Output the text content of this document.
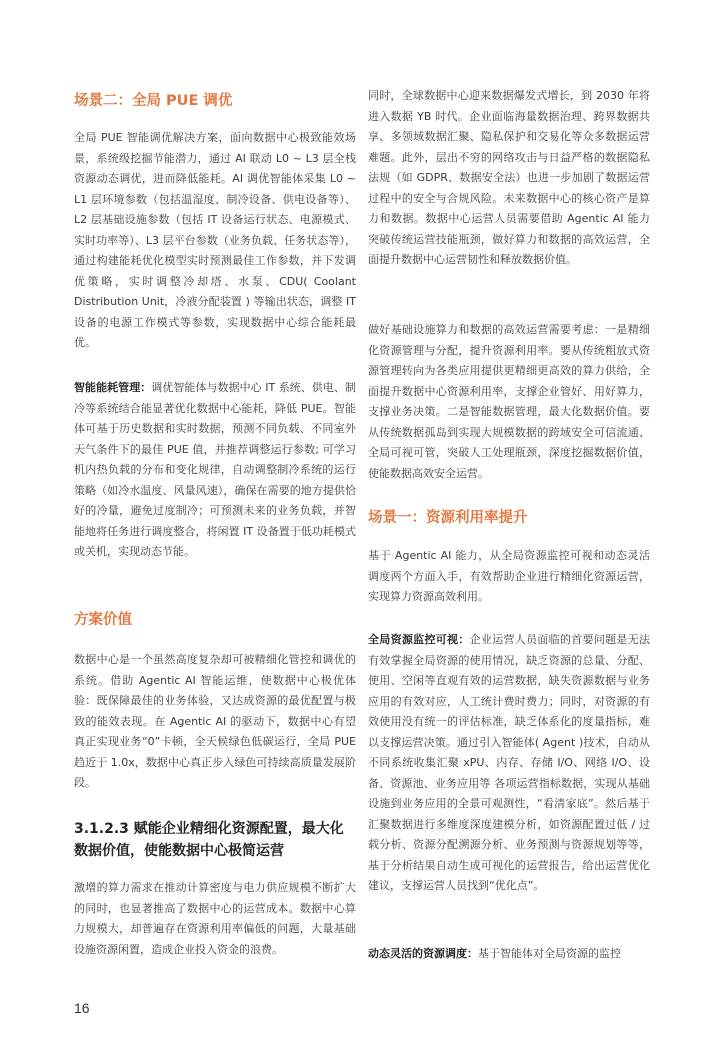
场景二：全局 PUE 调优

全局 PUE 智能调优解决方案，面向数据中心极致能效场景，系统级挖掘节能潜力，通过 AI 联动 L0 ~ L3 层全栈资源动态调优，进而降低能耗。AI 调优智能体采集 L0 ~ L1 层环境参数（包括温湿度、制冷设备、供电设备等）、L2 层基础设施参数（包括 IT 设备运行状态、电源模式、实时功率等）、L3 层平台参数（业务负载、任务状态等），通过构建能耗优化模型实时预测最佳工作参数，并下发调优策略，实时调整冷却塔、水泵、CDU( Coolant Distribution Unit，冷液分配装置 ) 等输出状态，调整 IT 设备的电源工作模式等参数，实现数据中心综合能耗最优。

智能能耗管理：调优智能体与数据中心 IT 系统、供电、制冷等系统结合能显著优化数据中心能耗，降低 PUE。智能体可基于历史数据和实时数据，预测不同负载、不同室外天气条件下的最佳 PUE 值，并推荐调整运行参数; 可学习机内热负载的分布和变化规律，自动调整制冷系统的运行策略（如冷水温度、风量风速），确保在需要的地方提供恰好的冷量，避免过度制冷；可预测未来的业务负载，并智能地将任务进行调度整合，将闲置 IT 设备置于低功耗模式或关机，实现动态节能。

方案价值

数据中心是一个虽然高度复杂却可被精细化管控和调优的系统。借助 Agentic AI 智能运维，使数据中心极优体验：既保障最佳的业务体验，又达成资源的最优配置与极致的能效表现。在 Agentic AI 的驱动下，数据中心有望真正实现业务“0”卡顿，全天候绿色低碳运行，全局 PUE 趋近于 1.0x，数据中心真正步入绿色可持续高质量发展阶段。

3.1.2.3 赋能企业精细化资源配置，最大化数据价值，使能数据中心极简运营

激增的算力需求在推动计算密度与电力供应规模不断扩大的同时，也显著推高了数据中心的运营成本。数据中心算力规模大，却普遍存在资源利用率偏低的问题，大量基础设施资源闲置，造成企业投入资金的浪费。

同时，全球数据中心迎来数据爆发式增长，到 2030 年将进入数据 YB 时代。企业面临海量数据治理、跨界数据共享、多领域数据汇聚、隐私保护和交易化等众多数据运营难题。此外，层出不穷的网络攻击与日益严格的数据隐私法规（如 GDPR、数据安全法）也进一步加剧了数据运营过程中的安全与合规风险。未来数据中心的核心资产是算力和数据。数据中心运营人员需要借助 Agentic AI 能力突破传统运营技能瓶颈，做好算力和数据的高效运营，全面提升数据中心运营韧性和释放数据价值。

做好基础设施算力和数据的高效运营需要考虑：一是精细化资源管理与分配，提升资源利用率。要从传统粗放式资源管理转向为各类应用提供更精细更高效的算力供给，全面提升数据中心资源利用率，支撑企业管好、用好算力，支撑业务决策。二是智能数据管理，最大化数据价值。要从传统数据孤岛到实现大规模数据的跨域安全可信流通、全局可视可管，突破人工处理瓶颈，深度挖掘数据价值，使能数据高效安全运营。

场景一：资源利用率提升

基于 Agentic AI 能力，从全局资源监控可视和动态灵活调度两个方面入手，有效帮助企业进行精细化资源运营，实现算力资源高效利用。

全局资源监控可视：企业运营人员面临的首要问题是无法有效掌握全局资源的使用情况，缺乏资源的总量、分配、使用、空闲等直观有效的运营数据，缺失资源数据与业务应用的有效对应，人工统计费时费力；同时，对资源的有效使用没有统一的评估标准，缺乏体系化的度量指标，难以支撑运营决策。通过引入智能体( Agent )技术，自动从不同系统收集汇聚 xPU、内存、存储 I/O、网络 I/O、设备、资源池、业务应用等 各项运营指标数据，实现从基础设施到业务应用的全景可观测性，“看清家底”。然后基于汇聚数据进行多维度深度建模分析，如资源配置过低 / 过载分析、资源分配溯源分析、业务预测与资源规划等等，基于分析结果自动生成可视化的运营报告，给出运营优化建议，支撑运营人员找到“优化点”。

动态灵活的资源调度：基于智能体对全局资源的监控

16
